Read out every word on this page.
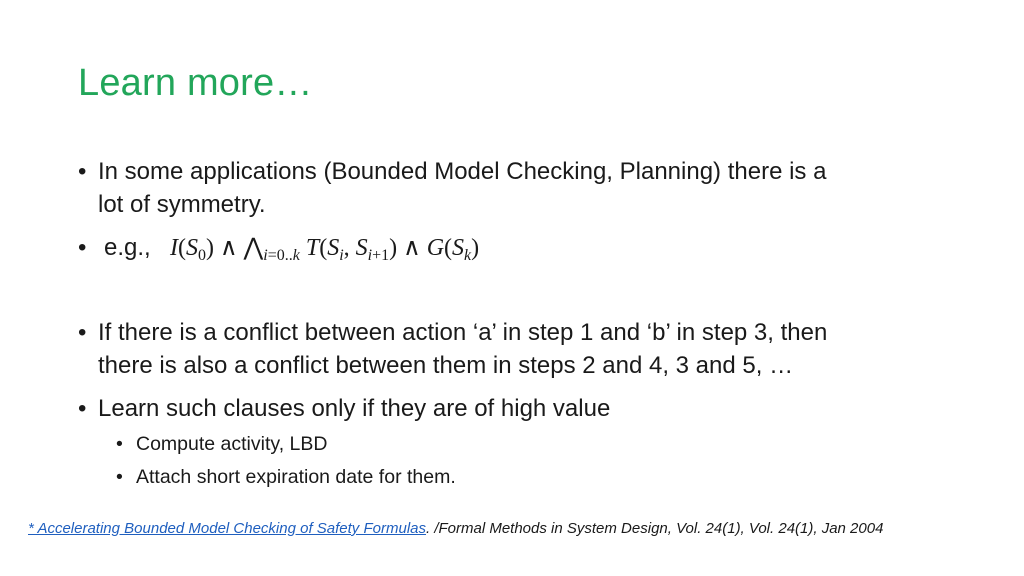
Learn more…
• In some applications (Bounded Model Checking, Planning) there is a
lot of symmetry.
• e.g., $I(S_0)$ ∧ $⋀_{i=0..k}$ $T(S_i$, $S_{i+1}$) ∧ $G(S_k)$
• If there is a conflict between action ‘a’ in step 1 and ‘b’ in step 3, then
there is also a conflict between them in steps 2 and 4, 3 and 5, …
• Learn such clauses only if they are of high value
• Compute activity, LBD
• Attach short expiration date for them.
* Accelerating Bounded Model Checking of Safety Formulas. /Formal Methods in System Design, Vol. 24(1), Vol. 24(1), Jan 2004
